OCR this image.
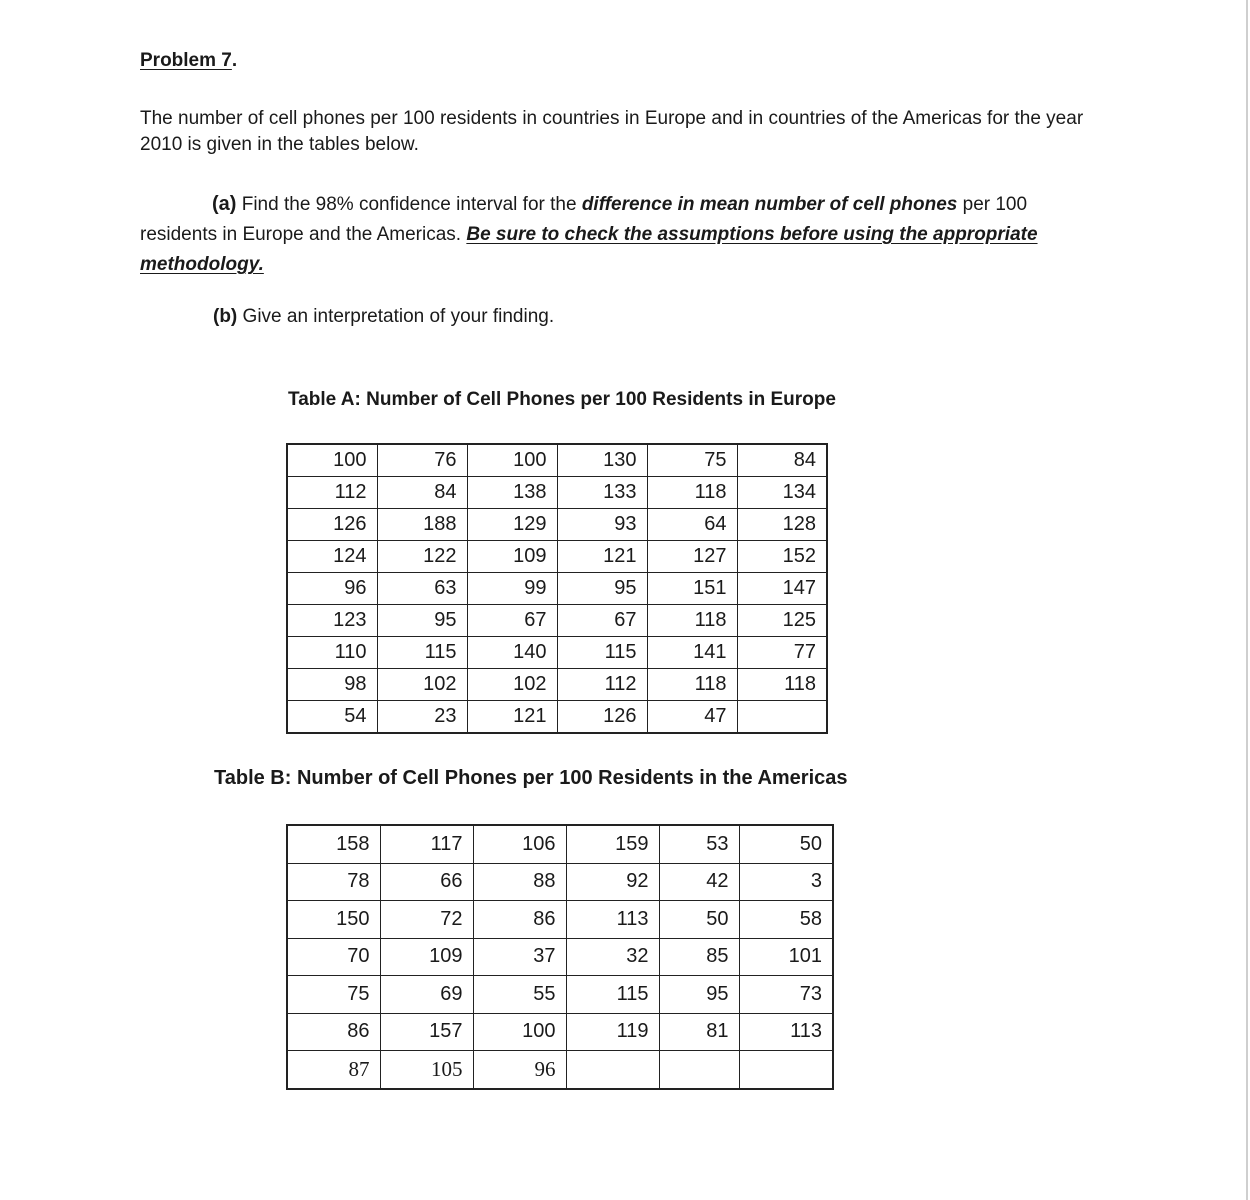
Problem 7.
The number of cell phones per 100 residents in countries in Europe and in countries of the Americas for the year 2010 is given in the tables below.
(a) Find the 98% confidence interval for the difference in mean number of cell phones per 100 residents in Europe and the Americas. Be sure to check the assumptions before using the appropriate methodology.
(b) Give an interpretation of your finding.
Table A: Number of Cell Phones per 100 Residents in Europe
100	76	100	130	75	84
112	84	138	133	118	134
126	188	129	93	64	128
124	122	109	121	127	152
96	63	99	95	151	147
123	95	67	67	118	125
110	115	140	115	141	77
98	102	102	112	118	118
54	23	121	126	47	
Table B: Number of Cell Phones per 100 Residents in the Americas
158	117	106	159	53	50
78	66	88	92	42	3
150	72	86	113	50	58
70	109	37	32	85	101
75	69	55	115	95	73
86	157	100	119	81	113
87	105	96			
